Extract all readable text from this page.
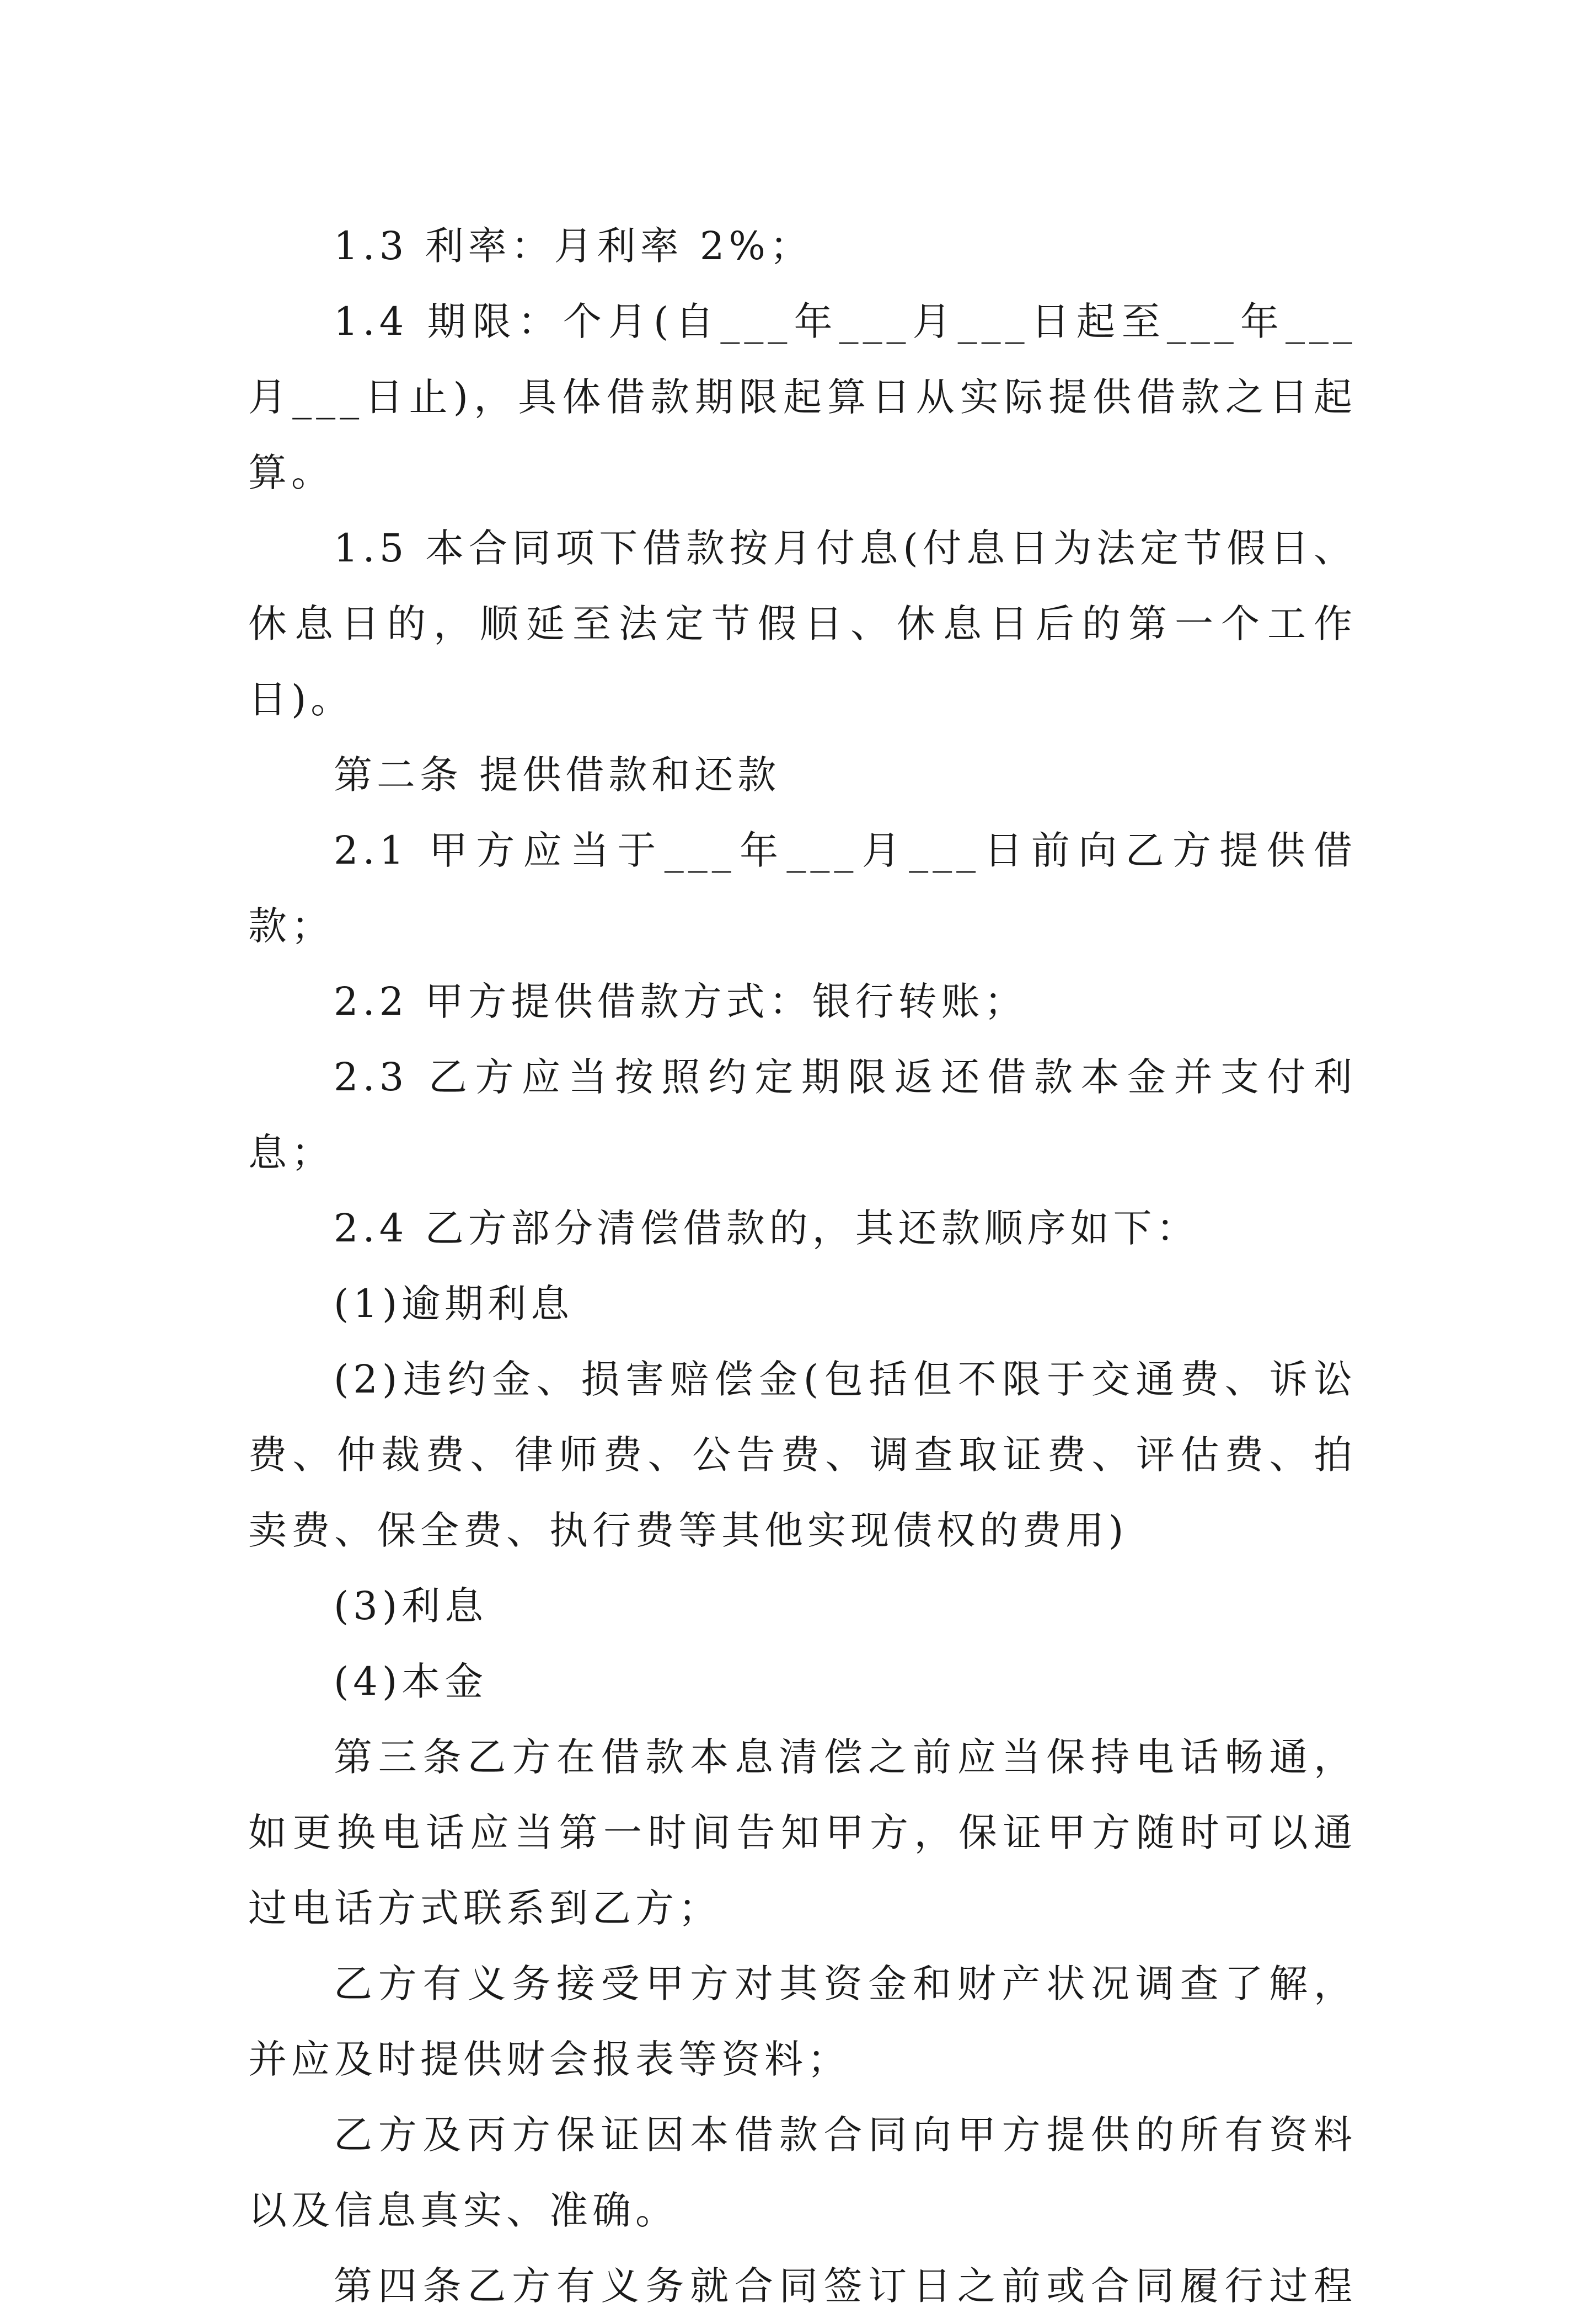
1.3 利率：月利率 2%；

1.4 期限：个月(自___年___月___日起至___年___月___日止)，具体借款期限起算日从实际提供借款之日起算。

1.5 本合同项下借款按月付息(付息日为法定节假日、休息日的，顺延至法定节假日、休息日后的第一个工作日)。

第二条 提供借款和还款

2.1 甲方应当于___年___月___日前向乙方提供借款；

2.2 甲方提供借款方式：银行转账；

2.3 乙方应当按照约定期限返还借款本金并支付利息；

2.4 乙方部分清偿借款的，其还款顺序如下：

(1)逾期利息

(2)违约金、损害赔偿金(包括但不限于交通费、诉讼费、仲裁费、律师费、公告费、调查取证费、评估费、拍卖费、保全费、执行费等其他实现债权的费用)

(3)利息

(4)本金

第三条乙方在借款本息清偿之前应当保持电话畅通，如更换电话应当第一时间告知甲方，保证甲方随时可以通过电话方式联系到乙方；

乙方有义务接受甲方对其资金和财产状况调查了解，并应及时提供财会报表等资料；

乙方及丙方保证因本借款合同向甲方提供的所有资料以及信息真实、准确。

第四条乙方有义务就合同签订日之前或合同履行过程
